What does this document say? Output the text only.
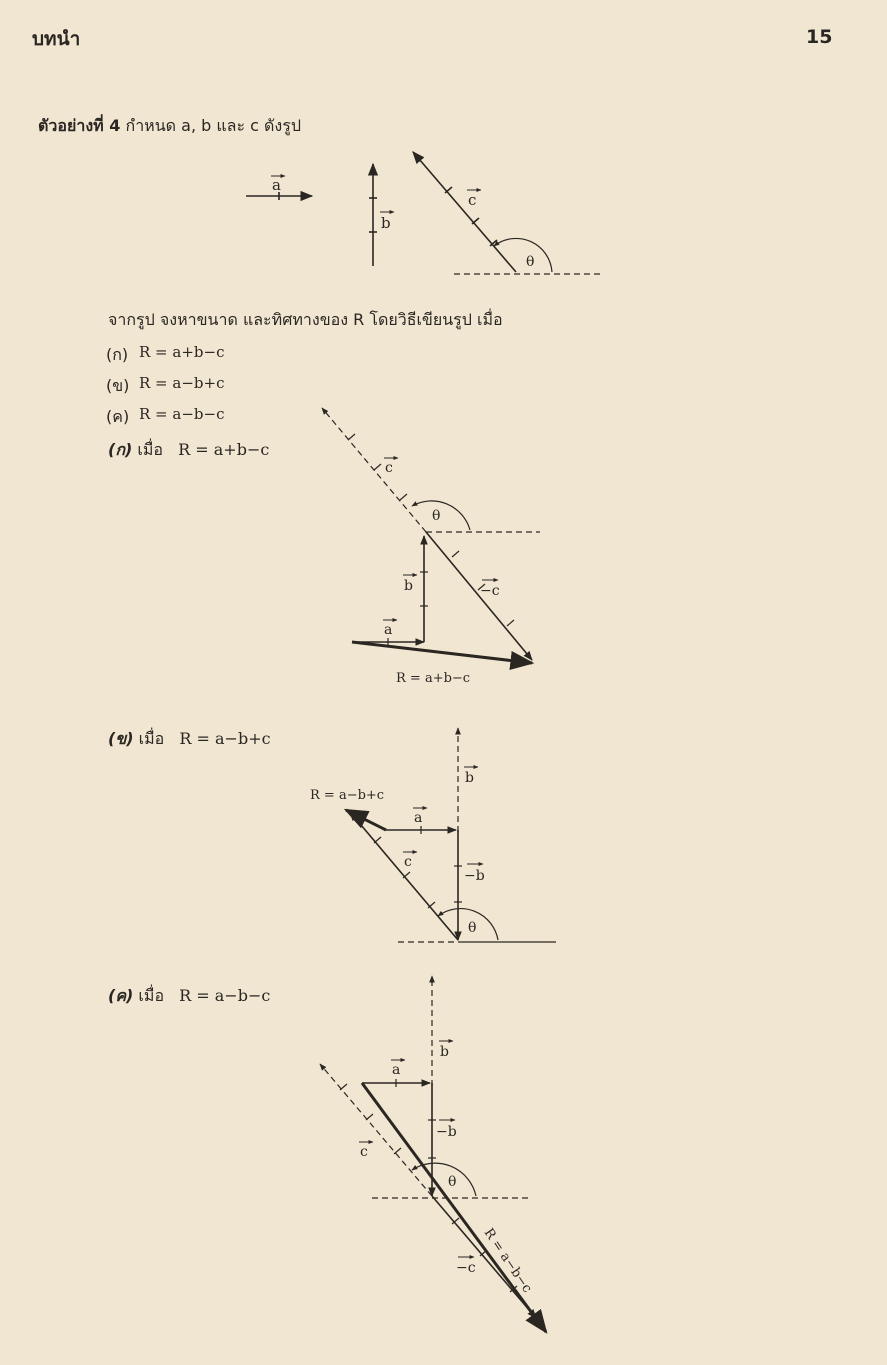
บทนำ	15
ตัวอย่างที่ 4 กำหนด a, b และ c ดังรูป
จากรูป จงหาขนาด และทิศทางของ R โดยวิธีเขียนรูป เมื่อ
(ก) R = a+b−c
(ข) R = a−b+c
(ค) R = a−b−c
(ก) เมื่อ R = a+b−c
(ข) เมื่อ R = a−b+c
(ค) เมื่อ R = a−b−c
a
b
c
θ
c
θ
b	−c
a
R = a+b−c
b
R = a−b+c
a
c
−b
θ
b
a
−b
c
θ
−c R = a−b−c
